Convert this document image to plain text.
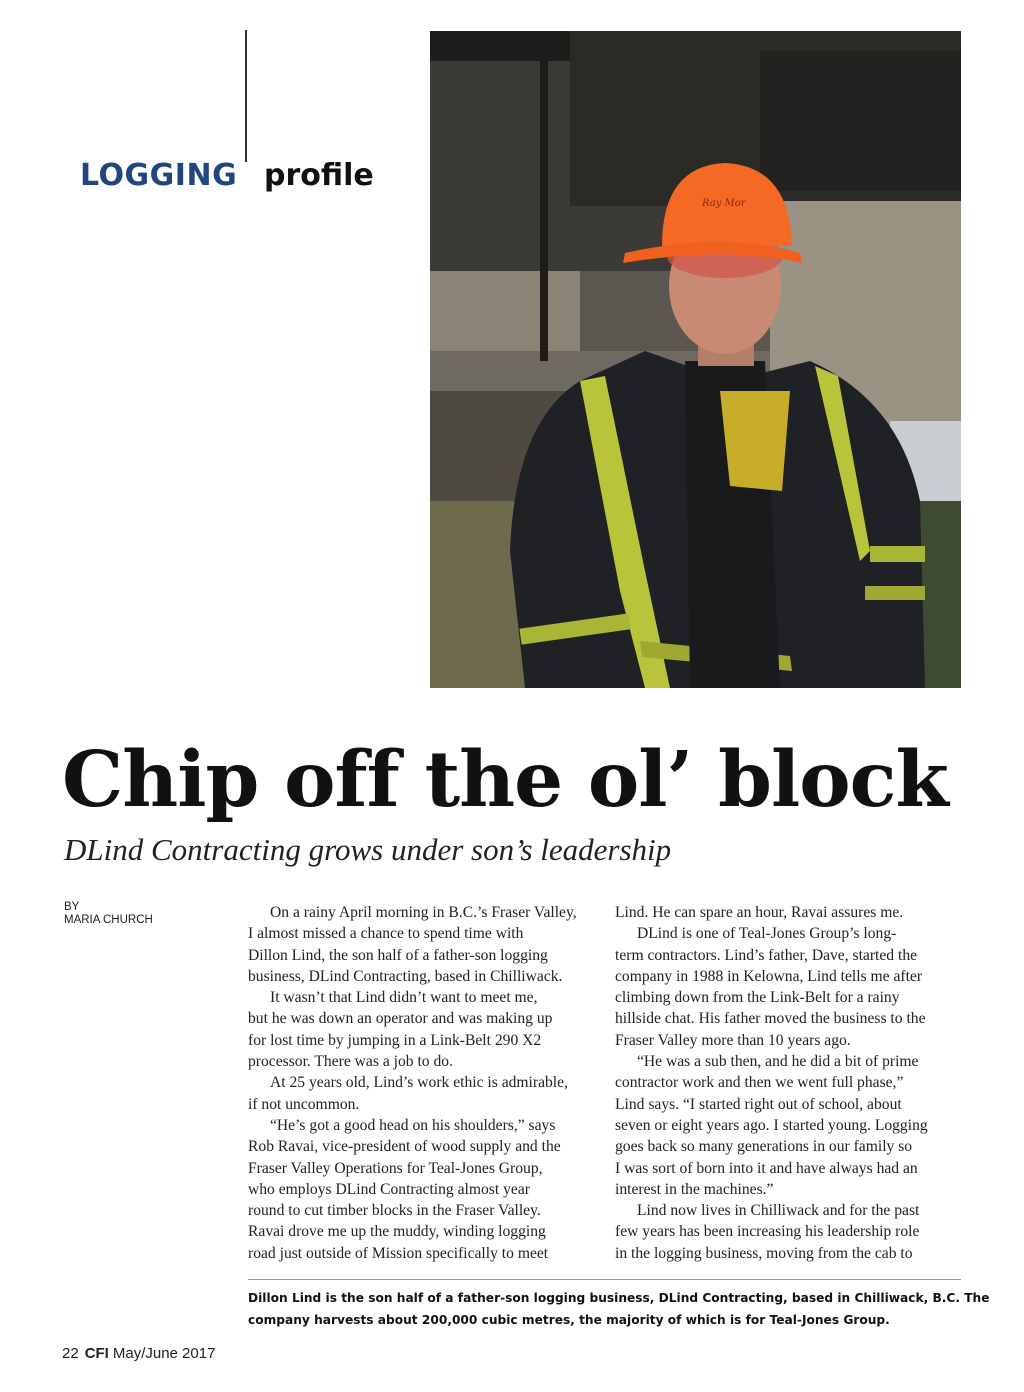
LOGGING profile
Ray Mor
Chip off the ol’ block
DLind Contracting grows under son’s leadership
BY
MARIA CHURCH	On a rainy April morning in B.C.’s Fraser Valley,
I almost missed a chance to spend time with
Dillon Lind, the son half of a father-son logging
business, DLind Contracting, based in Chilliwack.
It wasn’t that Lind didn’t want to meet me,
but he was down an operator and was making up
for lost time by jumping in a Link-Belt 290 X2
processor. There was a job to do.
At 25 years old, Lind’s work ethic is admirable,
if not uncommon.
“He’s got a good head on his shoulders,” says
Rob Ravai, vice-president of wood supply and the
Fraser Valley Operations for Teal-Jones Group,
who employs DLind Contracting almost year
round to cut timber blocks in the Fraser Valley.
Ravai drove me up the muddy, winding logging
road just outside of Mission specifically to meet
Lind. He can spare an hour, Ravai assures me.
DLind is one of Teal-Jones Group’s long-
term contractors. Lind’s father, Dave, started the
company in 1988 in Kelowna, Lind tells me after
climbing down from the Link-Belt for a rainy
hillside chat. His father moved the business to the
Fraser Valley more than 10 years ago.
“He was a sub then, and he did a bit of prime
contractor work and then we went full phase,”
Lind says. “I started right out of school, about
seven or eight years ago. I started young. Logging
goes back so many generations in our family so
I was sort of born into it and have always had an
interest in the machines.”
Lind now lives in Chilliwack and for the past
few years has been increasing his leadership role
in the logging business, moving from the cab to
Dillon Lind is the son half of a father-son logging business, DLind Contracting, based in Chilliwack, B.C. The
company harvests about 200,000 cubic metres, the majority of which is for Teal-Jones Group.
22 CFI May/June 2017
